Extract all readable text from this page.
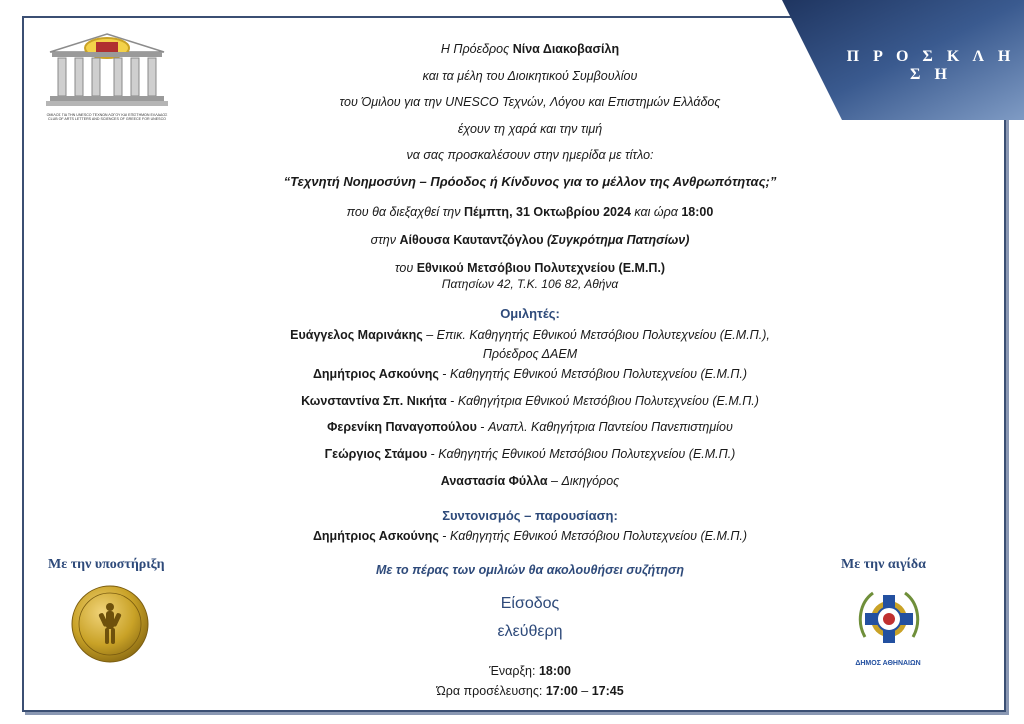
Π Ρ Ο Σ Κ Λ Η Σ Η
ΟΜΙΛΟΣ ΓΙΑ ΤΗΝ UNESCO ΤΕΧΝΩΝ ΛΟΓΟΥ ΚΑΙ ΕΠΙΣΤΗΜΩΝ ΕΛΛΑΔΟΣ
CLUB OF ARTS LETTERS AND SCIENCES OF GREECE FOR UNESCO
Η Πρόεδρος Νίνα Διακοβασίλη
και τα μέλη του Διοικητικού Συμβουλίου
του Όμιλου για την UNESCO Τεχνών, Λόγου και Επιστημών Ελλάδος
έχουν τη χαρά και την τιμή
να σας προσκαλέσουν στην ημερίδα με τίτλο:
“Τεχνητή Νοημοσύνη – Πρόοδος ή Κίνδυνος για το μέλλον της Ανθρωπότητας;”
που θα διεξαχθεί την Πέμπτη, 31 Οκτωβρίου 2024 και ώρα 18:00
στην Αίθουσα Καυταντζόγλου (Συγκρότημα Πατησίων)
του Εθνικού Μετσόβιου Πολυτεχνείου (Ε.Μ.Π.)
Πατησίων 42, Τ.Κ. 106 82, Αθήνα
Ομιλητές:
Ευάγγελος Μαρινάκης – Επικ. Καθηγητής Εθνικού Μετσόβιου Πολυτεχνείου (Ε.Μ.Π.),
Πρόεδρος ΔΑΕΜ
Δημήτριος Ασκούνης - Καθηγητής Εθνικού Μετσόβιου Πολυτεχνείου (Ε.Μ.Π.)
Κωνσταντίνα Σπ. Νικήτα - Καθηγήτρια Εθνικού Μετσόβιου Πολυτεχνείου (Ε.Μ.Π.)
Φερενίκη Παναγοπούλου - Αναπλ. Καθηγήτρια Παντείου Πανεπιστημίου
Γεώργιος Στάμου - Καθηγητής Εθνικού Μετσόβιου Πολυτεχνείου (Ε.Μ.Π.)
Αναστασία Φύλλα – Δικηγόρος
Συντονισμός – παρουσίαση:
Δημήτριος Ασκούνης - Καθηγητής Εθνικού Μετσόβιου Πολυτεχνείου (Ε.Μ.Π.)
Με το πέρας των ομιλιών θα ακολουθήσει συζήτηση
Είσοδος
ελεύθερη
Έναρξη: 18:00
Ώρα προσέλευσης: 17:00 – 17:45
Με την υποστήριξη	Με την αιγίδα
ΔΗΜΟΣ ΑΘΗΝΑΙΩΝ
